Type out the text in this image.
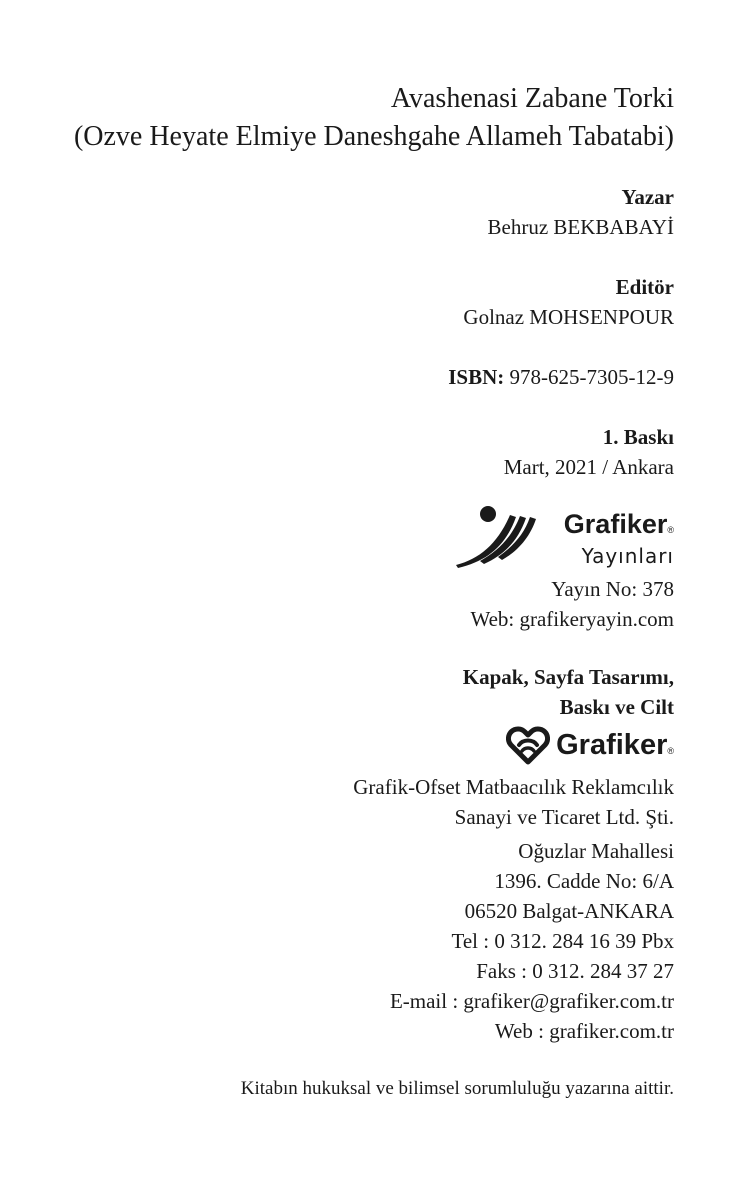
Avashenasi Zabane Torki
(Ozve Heyate Elmiye Daneshgahe Allameh Tabatabi)
Yazar
Behruz BEKBABAYİ
Editör
Golnaz MOHSENPOUR
ISBN: 978-625-7305-12-9
1. Baskı
Mart, 2021 / Ankara
Grafiker®
Yayınları
Yayın No: 378
Web: grafikeryayin.com
Kapak, Sayfa Tasarımı,
Baskı ve Cilt
Grafiker®
Grafik-Ofset Matbaacılık Reklamcılık
Sanayi ve Ticaret Ltd. Şti.
Oğuzlar Mahallesi
1396. Cadde No: 6/A
06520 Balgat-ANKARA
Tel : 0 312. 284 16 39 Pbx
Faks : 0 312. 284 37 27
E-mail : grafiker@grafiker.com.tr
Web : grafiker.com.tr
Kitabın hukuksal ve bilimsel sorumluluğu yazarına aittir.
